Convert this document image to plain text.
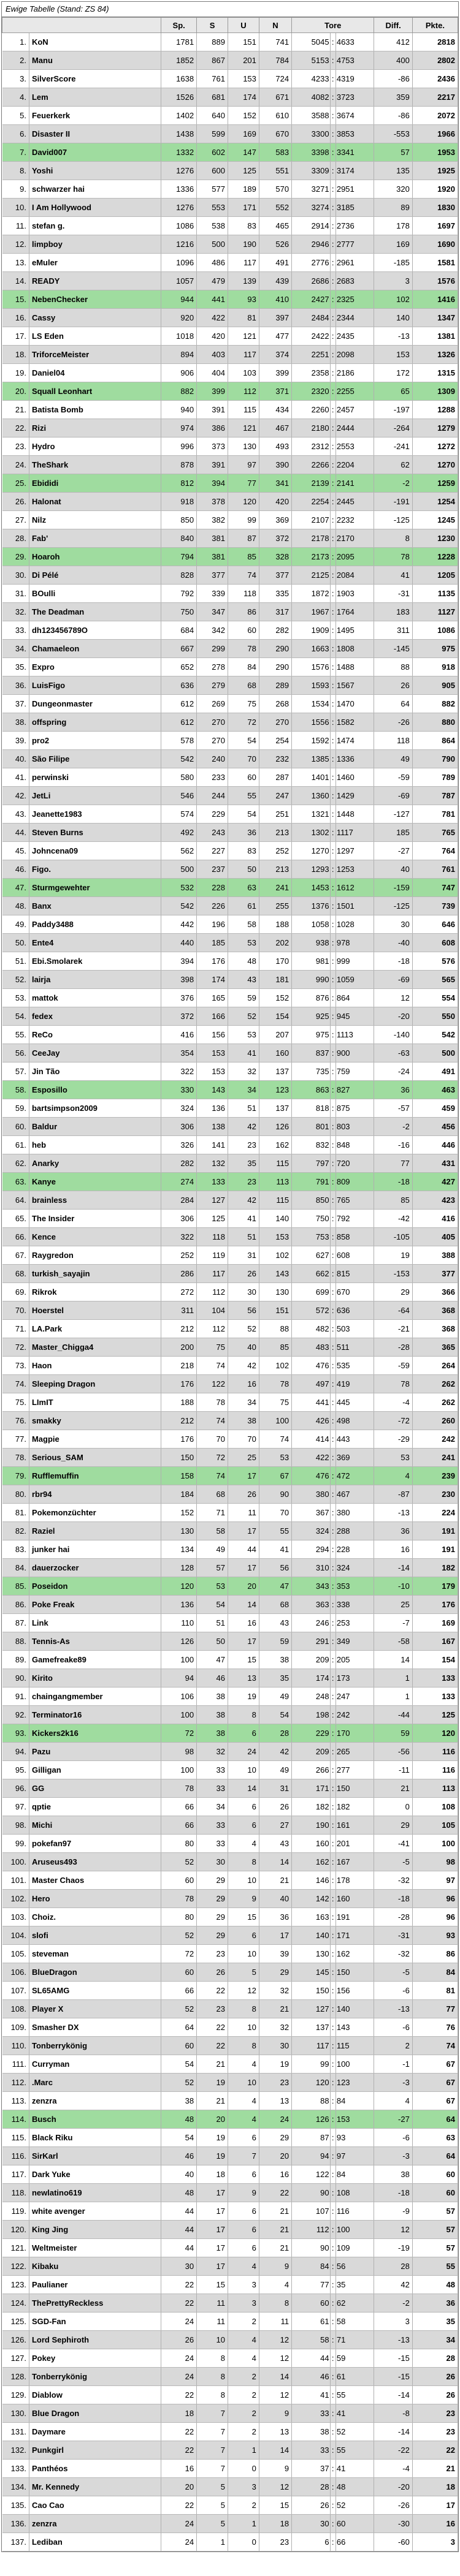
Ewige Tabelle (Stand: ZS 84)
		Sp.	S	U	N	Tore			Diff.	Pkte.
1.	KoN	1781	889	151	741	5045	:	4633	412	2818
2.	Manu	1852	867	201	784	5153	:	4753	400	2802
3.	SilverScore	1638	761	153	724	4233	:	4319	-86	2436
4.	Lem	1526	681	174	671	4082	:	3723	359	2217
5.	Feuerkerk	1402	640	152	610	3588	:	3674	-86	2072
6.	Disaster II	1438	599	169	670	3300	:	3853	-553	1966
7.	David007	1332	602	147	583	3398	:	3341	57	1953
8.	Yoshi	1276	600	125	551	3309	:	3174	135	1925
9.	schwarzer hai	1336	577	189	570	3271	:	2951	320	1920
10.	I Am Hollywood	1276	553	171	552	3274	:	3185	89	1830
11.	stefan g.	1086	538	83	465	2914	:	2736	178	1697
12.	limpboy	1216	500	190	526	2946	:	2777	169	1690
13.	eMuler	1096	486	117	491	2776	:	2961	-185	1581
14.	READY	1057	479	139	439	2686	:	2683	3	1576
15.	NebenChecker	944	441	93	410	2427	:	2325	102	1416
16.	Cassy	920	422	81	397	2484	:	2344	140	1347
17.	LS Eden	1018	420	121	477	2422	:	2435	-13	1381
18.	TriforceMeister	894	403	117	374	2251	:	2098	153	1326
19.	Daniel04	906	404	103	399	2358	:	2186	172	1315
20.	Squall Leonhart	882	399	112	371	2320	:	2255	65	1309
21.	Batista Bomb	940	391	115	434	2260	:	2457	-197	1288
22.	Rizi	974	386	121	467	2180	:	2444	-264	1279
23.	Hydro	996	373	130	493	2312	:	2553	-241	1272
24.	TheShark	878	391	97	390	2266	:	2204	62	1270
25.	Ebididi	812	394	77	341	2139	:	2141	-2	1259
26.	Halonat	918	378	120	420	2254	:	2445	-191	1254
27.	Nilz	850	382	99	369	2107	:	2232	-125	1245
28.	Fab'	840	381	87	372	2178	:	2170	8	1230
29.	Hoaroh	794	381	85	328	2173	:	2095	78	1228
30.	Di Pélé	828	377	74	377	2125	:	2084	41	1205
31.	BOulli	792	339	118	335	1872	:	1903	-31	1135
32.	The Deadman	750	347	86	317	1967	:	1764	183	1127
33.	dh123456789O	684	342	60	282	1909	:	1495	311	1086
34.	Chamaeleon	667	299	78	290	1663	:	1808	-145	975
35.	Expro	652	278	84	290	1576	:	1488	88	918
36.	LuisFigo	636	279	68	289	1593	:	1567	26	905
37.	Dungeonmaster	612	269	75	268	1534	:	1470	64	882
38.	offspring	612	270	72	270	1556	:	1582	-26	880
39.	pro2	578	270	54	254	1592	:	1474	118	864
40.	São Filipe	542	240	70	232	1385	:	1336	49	790
41.	perwinski	580	233	60	287	1401	:	1460	-59	789
42.	JetLi	546	244	55	247	1360	:	1429	-69	787
43.	Jeanette1983	574	229	54	251	1321	:	1448	-127	781
44.	Steven Burns	492	243	36	213	1302	:	1117	185	765
45.	Johncena09	562	227	83	252	1270	:	1297	-27	764
46.	Figo.	500	237	50	213	1293	:	1253	40	761
47.	Sturmgewehter	532	228	63	241	1453	:	1612	-159	747
48.	Banx	542	226	61	255	1376	:	1501	-125	739
49.	Paddy3488	442	196	58	188	1058	:	1028	30	646
50.	Ente4	440	185	53	202	938	:	978	-40	608
51.	Ebi.Smolarek	394	176	48	170	981	:	999	-18	576
52.	lairja	398	174	43	181	990	:	1059	-69	565
53.	mattok	376	165	59	152	876	:	864	12	554
54.	fedex	372	166	52	154	925	:	945	-20	550
55.	ReCo	416	156	53	207	975	:	1113	-140	542
56.	CeeJay	354	153	41	160	837	:	900	-63	500
57.	Jin Tão	322	153	32	137	735	:	759	-24	491
58.	Esposillo	330	143	34	123	863	:	827	36	463
59.	bartsimpson2009	324	136	51	137	818	:	875	-57	459
60.	Baldur	306	138	42	126	801	:	803	-2	456
61.	heb	326	141	23	162	832	:	848	-16	446
62.	Anarky	282	132	35	115	797	:	720	77	431
63.	Kanye	274	133	23	113	791	:	809	-18	427
64.	brainless	284	127	42	115	850	:	765	85	423
65.	The Insider	306	125	41	140	750	:	792	-42	416
66.	Kence	322	118	51	153	753	:	858	-105	405
67.	Raygredon	252	119	31	102	627	:	608	19	388
68.	turkish_sayajin	286	117	26	143	662	:	815	-153	377
69.	Rikrok	272	112	30	130	699	:	670	29	366
70.	Hoerstel	311	104	56	151	572	:	636	-64	368
71.	LA.Park	212	112	52	88	482	:	503	-21	368
72.	Master_Chigga4	200	75	40	85	483	:	511	-28	365
73.	Haon	218	74	42	102	476	:	535	-59	264
74.	Sleeping Dragon	176	122	16	78	497	:	419	78	262
75.	LImIT	188	78	34	75	441	:	445	-4	262
76.	smakky	212	74	38	100	426	:	498	-72	260
77.	Magpie	176	70	70	74	414	:	443	-29	242
78.	Serious_SAM	150	72	25	53	422	:	369	53	241
79.	Rufflemuffin	158	74	17	67	476	:	472	4	239
80.	rbr94	184	68	26	90	380	:	467	-87	230
81.	Pokemonzüchter	152	71	11	70	367	:	380	-13	224
82.	Raziel	130	58	17	55	324	:	288	36	191
83.	junker hai	134	49	44	41	294	:	228	16	191
84.	dauerzocker	128	57	17	56	310	:	324	-14	182
85.	Poseidon	120	53	20	47	343	:	353	-10	179
86.	Poke Freak	136	54	14	68	363	:	338	25	176
87.	Link	110	51	16	43	246	:	253	-7	169
88.	Tennis-As	126	50	17	59	291	:	349	-58	167
89.	Gamefreake89	100	47	15	38	209	:	205	14	154
90.	Kirito	94	46	13	35	174	:	173	1	133
91.	chaingangmember	106	38	19	49	248	:	247	1	133
92.	Terminator16	100	38	8	54	198	:	242	-44	125
93.	Kickers2k16	72	38	6	28	229	:	170	59	120
94.	Pazu	98	32	24	42	209	:	265	-56	116
95.	Gilligan	100	33	10	49	266	:	277	-11	116
96.	GG	78	33	14	31	171	:	150	21	113
97.	qptie	66	34	6	26	182	:	182	0	108
98.	Michi	66	33	6	27	190	:	161	29	105
99.	pokefan97	80	33	4	43	160	:	201	-41	100
100.	Aruseus493	52	30	8	14	162	:	167	-5	98
101.	Master Chaos	60	29	10	21	146	:	178	-32	97
102.	Hero	78	29	9	40	142	:	160	-18	96
103.	Choiz.	80	29	15	36	163	:	191	-28	96
104.	slofi	52	29	6	17	140	:	171	-31	93
105.	steveman	72	23	10	39	130	:	162	-32	86
106.	BlueDragon	60	26	5	29	145	:	150	-5	84
107.	SL65AMG	66	22	12	32	150	:	156	-6	81
108.	Player X	52	23	8	21	127	:	140	-13	77
109.	Smasher DX	64	22	10	32	137	:	143	-6	76
110.	Tonberrykönig	60	22	8	30	117	:	115	2	74
111.	Curryman	54	21	4	19	99	:	100	-1	67
112.	.Marc	52	19	10	23	120	:	123	-3	67
113.	zenzra	38	21	4	13	88	:	84	4	67
114.	Busch	48	20	4	24	126	:	153	-27	64
115.	Black Riku	54	19	6	29	87	:	93	-6	63
116.	SirKarl	46	19	7	20	94	:	97	-3	64
117.	Dark Yuke	40	18	6	16	122	:	84	38	60
118.	newlatino619	48	17	9	22	90	:	108	-18	60
119.	white avenger	44	17	6	21	107	:	116	-9	57
120.	King Jing	44	17	6	21	112	:	100	12	57
121.	Weltmeister	44	17	6	21	90	:	109	-19	57
122.	Kibaku	30	17	4	9	84	:	56	28	55
123.	Paulianer	22	15	3	4	77	:	35	42	48
124.	ThePrettyReckless	22	11	3	8	60	:	62	-2	36
125.	SGD-Fan	24	11	2	11	61	:	58	3	35
126.	Lord Sephiroth	26	10	4	12	58	:	71	-13	34
127.	Pokey	24	8	4	12	44	:	59	-15	28
128.	Tonberrykönig	24	8	2	14	46	:	61	-15	26
129.	Diablow	22	8	2	12	41	:	55	-14	26
130.	Blue Dragon	18	7	2	9	33	:	41	-8	23
131.	Daymare	22	7	2	13	38	:	52	-14	23
132.	Punkgirl	22	7	1	14	33	:	55	-22	22
133.	Panthéos	16	7	0	9	37	:	41	-4	21
134.	Mr. Kennedy	20	5	3	12	28	:	48	-20	18
135.	Cao Cao	22	5	2	15	26	:	52	-26	17
136.	zenzra	24	5	1	18	30	:	60	-30	16
137.	Lediban	24	1	0	23	6	:	66	-60	3
